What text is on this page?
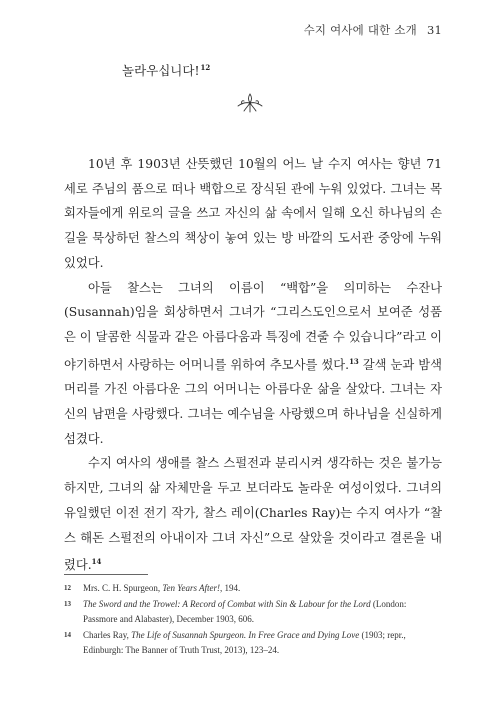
수지 여사에 대한 소개 31
놀라우십니다!$^{12}$

10년 후 1903년 산뜻했던 10월의 어느 날 수지 여사는 향년 71세로 주님의 품으로 떠나 백합으로 장식된 관에 누워 있었다. 그녀는 목회자들에게 위로의 글을 쓰고 자신의 삶 속에서 일해 오신 하나님의 손길을 묵상하던 찰스의 책상이 놓여 있는 방 바깥의 도서관 중앙에 누워 있었다.

아들 찰스는 그녀의 이름이 “백합”을 의미하는 수잔나(Susannah)임을 회상하면서 그녀가 “그리스도인으로서 보여준 성품은 이 달콤한 식물과 같은 아름다움과 특징에 견줄 수 있습니다”라고 이야기하면서 사랑하는 어머니를 위하여 추모사를 썼다.$^{13}$ 갈색 눈과 밤색 머리를 가진 아름다운 그의 어머니는 아름다운 삶을 살았다. 그녀는 자신의 남편을 사랑했다. 그녀는 예수님을 사랑했으며 하나님을 신실하게 섬겼다.

수지 여사의 생애를 찰스 스펄전과 분리시켜 생각하는 것은 불가능하지만, 그녀의 삶 자체만을 두고 보더라도 놀라운 여성이었다. 그녀의 유일했던 이전 전기 작가, 찰스 레이(Charles Ray)는 수지 여사가 “찰스 해돈 스펄전의 아내이자 그녀 자신”으로 살았을 것이라고 결론을 내렸다.$^{14}$

12 Mrs. C. H. Spurgeon, Ten Years After!, 194.

13 The Sword and the Trowel: A Record of Combat with Sin & Labour for the Lord (London: Passmore and Alabaster), December 1903, 606.

14 Charles Ray, The Life of Susannah Spurgeon. In Free Grace and Dying Love (1903; repr., Edinburgh: The Banner of Truth Trust, 2013), 123–24.
